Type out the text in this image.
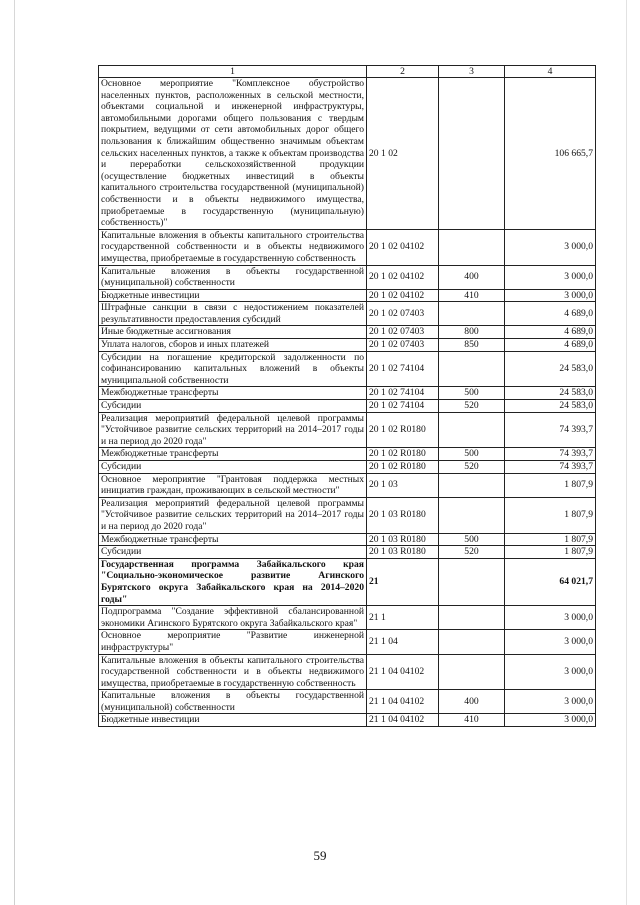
1	2	3	4
Основное мероприятие "Комплексное обустройство населенных пунктов, расположенных в сельской местности, объектами социальной и инженерной инфраструктуры, автомобильными дорогами общего пользования с твердым покрытием, ведущими от сети автомобильных дорог общего пользования к ближайшим общественно значимым объектам сельских населенных пунктов, а также к объектам производства и переработки сельскохозяйственной продукции (осуществление бюджетных инвестиций в объекты капитального строительства государственной (муниципальной) собственности и в объекты недвижимого имущества, приобретаемые в государственную (муниципальную) собственность)"	20 1 02		106 665,7
Капитальные вложения в объекты капитального строительства государственной собственности и в объекты недвижимого имущества, приобретаемые в государственную собственность	20 1 02 04102		3 000,0
Капитальные вложения в объекты государственной (муниципальной) собственности	20 1 02 04102	400	3 000,0
Бюджетные инвестиции	20 1 02 04102	410	3 000,0
Штрафные санкции в связи с недостижением показателей результативности предоставления субсидий	20 1 02 07403		4 689,0
Иные бюджетные ассигнования	20 1 02 07403	800	4 689,0
Уплата налогов, сборов и иных платежей	20 1 02 07403	850	4 689,0
Субсидии на погашение кредиторской задолженности по софинансированию капитальных вложений в объекты муниципальной собственности	20 1 02 74104		24 583,0
Межбюджетные трансферты	20 1 02 74104	500	24 583,0
Субсидии	20 1 02 74104	520	24 583,0
Реализация мероприятий федеральной целевой программы "Устойчивое развитие сельских территорий на 2014–2017 годы и на период до 2020 года"	20 1 02 R0180		74 393,7
Межбюджетные трансферты	20 1 02 R0180	500	74 393,7
Субсидии	20 1 02 R0180	520	74 393,7
Основное мероприятие "Грантовая поддержка местных инициатив граждан, проживающих в сельской местности"	20 1 03		1 807,9
Реализация мероприятий федеральной целевой программы "Устойчивое развитие сельских территорий на 2014–2017 годы и на период до 2020 года"	20 1 03 R0180		1 807,9
Межбюджетные трансферты	20 1 03 R0180	500	1 807,9
Субсидии	20 1 03 R0180	520	1 807,9
Государственная программа Забайкальского края "Социально-экономическое развитие Агинского Бурятского округа Забайкальского края на 2014–2020 годы"	21		64 021,7
Подпрограмма "Создание эффективной сбалансированной экономики Агинского Бурятского округа Забайкальского края"	21 1		3 000,0
Основное мероприятие "Развитие инженерной инфраструктуры"	21 1 04		3 000,0
Капитальные вложения в объекты капитального строительства государственной собственности и в объекты недвижимого имущества, приобретаемые в государственную собственность	21 1 04 04102		3 000,0
Капитальные вложения в объекты государственной (муниципальной) собственности	21 1 04 04102	400	3 000,0
Бюджетные инвестиции	21 1 04 04102	410	3 000,0
59
